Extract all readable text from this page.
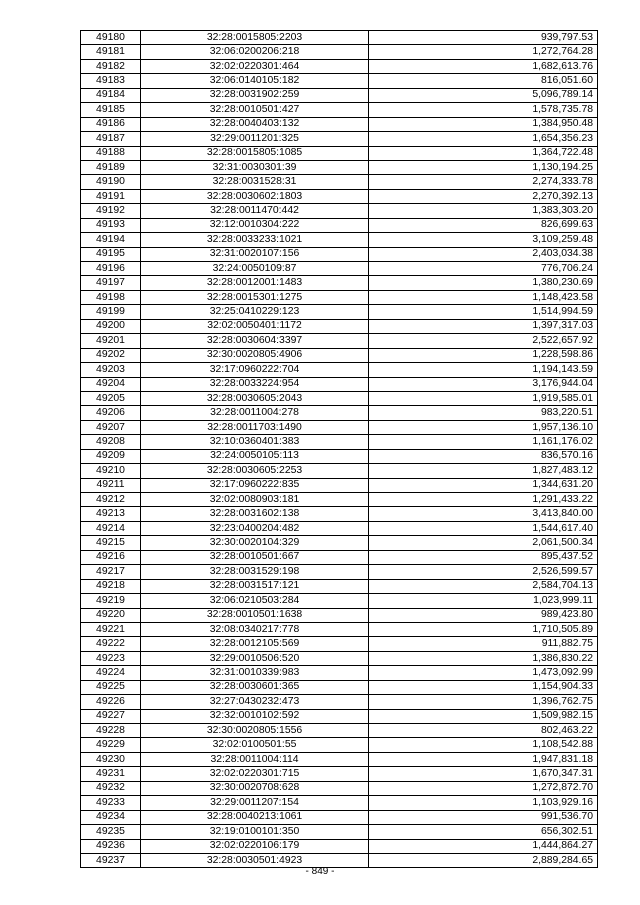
49180	32:28:0015805:2203	939,797.53
49181	32:06:0200206:218	1,272,764.28
49182	32:02:0220301:464	1,682,613.76
49183	32:06:0140105:182	816,051.60
49184	32:28:0031902:259	5,096,789.14
49185	32:28:0010501:427	1,578,735.78
49186	32:28:0040403:132	1,384,950.48
49187	32:29:0011201:325	1,654,356.23
49188	32:28:0015805:1085	1,364,722.48
49189	32:31:0030301:39	1,130,194.25
49190	32:28:0031528:31	2,274,333.78
49191	32:28:0030602:1803	2,270,392.13
49192	32:28:0011470:442	1,383,303.20
49193	32:12:0010304:222	826,699.63
49194	32:28:0033233:1021	3,109,259.48
49195	32:31:0020107:156	2,403,034.38
49196	32:24:0050109:87	776,706.24
49197	32:28:0012001:1483	1,380,230.69
49198	32:28:0015301:1275	1,148,423.58
49199	32:25:0410229:123	1,514,994.59
49200	32:02:0050401:1172	1,397,317.03
49201	32:28:0030604:3397	2,522,657.92
49202	32:30:0020805:4906	1,228,598.86
49203	32:17:0960222:704	1,194,143.59
49204	32:28:0033224:954	3,176,944.04
49205	32:28:0030605:2043	1,919,585.01
49206	32:28:0011004:278	983,220.51
49207	32:28:0011703:1490	1,957,136.10
49208	32:10:0360401:383	1,161,176.02
49209	32:24:0050105:113	836,570.16
49210	32:28:0030605:2253	1,827,483.12
49211	32:17:0960222:835	1,344,631.20
49212	32:02:0080903:181	1,291,433.22
49213	32:28:0031602:138	3,413,840.00
49214	32:23:0400204:482	1,544,617.40
49215	32:30:0020104:329	2,061,500.34
49216	32:28:0010501:667	895,437.52
49217	32:28:0031529:198	2,526,599.57
49218	32:28:0031517:121	2,584,704.13
49219	32:06:0210503:284	1,023,999.11
49220	32:28:0010501:1638	989,423.80
49221	32:08:0340217:778	1,710,505.89
49222	32:28:0012105:569	911,882.75
49223	32:29:0010506:520	1,386,830.22
49224	32:31:0010339:983	1,473,092.99
49225	32:28:0030601:365	1,154,904.33
49226	32:27:0430232:473	1,396,762.75
49227	32:32:0010102:592	1,509,982.15
49228	32:30:0020805:1556	802,463.22
49229	32:02:0100501:55	1,108,542.88
49230	32:28:0011004:114	1,947,831.18
49231	32:02:0220301:715	1,670,347.31
49232	32:30:0020708:628	1,272,872.70
49233	32:29:0011207:154	1,103,929.16
49234	32:28:0040213:1061	991,536.70
49235	32:19:0100101:350	656,302.51
49236	32:02:0220106:179	1,444,864.27
49237	32:28:0030501:4923	2,889,284.65
- 849 -
